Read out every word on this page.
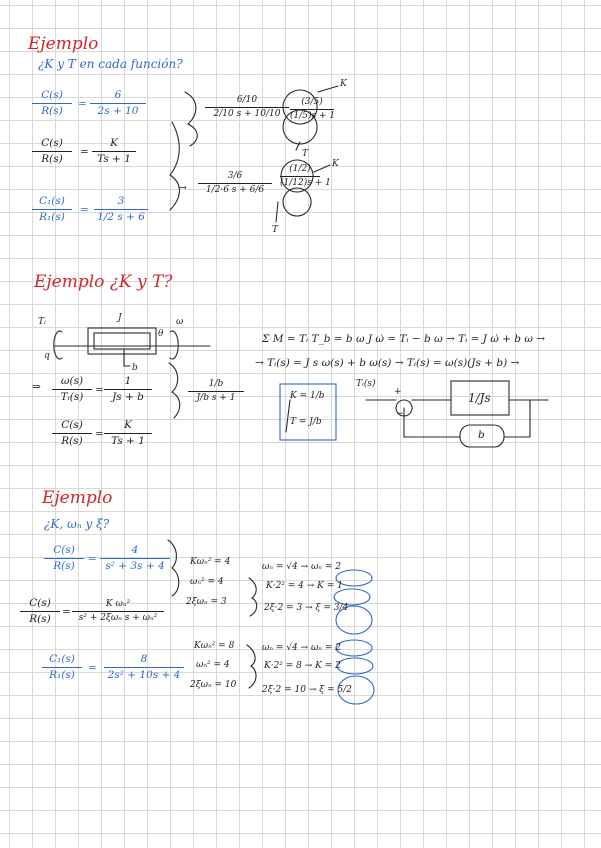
Ejemplo
¿K y T en cada función?
C(s)
R(s)
=
6
2s + 10
6/10
2/10 s + 10/10
(3/5)
(1/5)s + 1
K
T
C(s)
R(s)
=
K
Ts + 1
C₁(s)
R₁(s)
=
3
1/2 s + 6
→
3/6
1/2·6 s + 6/6
(1/2)
(1/12)s + 1
K
T
Ejemplo ¿K y T?
Tᵢ	J	ω
θ
q
b
Σ M = Tᵢ T_b = b ω J ω̇ = Tᵢ − b ω → Tᵢ = J ω̇ + b ω →
→ Tᵢ(s) = J s ω(s) + b ω(s) → Tᵢ(s) = ω(s)(Js + b) →
⇒	ω(s)
Tᵢ(s)
=
1
Js + b
1/b
J/b s + 1
C(s)
R(s)
=
K
Ts + 1
K = 1/b
T = J/b
Tᵢ(s)
−
+	1/Js
b
Ejemplo
¿K, ωₙ y ξ?
C(s)
R(s)
=
4
s² + 3s + 4	Kωₙ² = 4
ωₙ² = 4
2ξωₙ = 3
ωₙ = √4 → ωₙ = 2
K·2² = 4 → K = 1
2ξ·2 = 3 → ξ = 3/4
C(s)
R(s)
=
K ωₙ²
s² + 2ξωₙ s + ωₙ²
C₁(s)
R₁(s)
=
8
2s² + 10s + 4
Kωₙ² = 8
ωₙ² = 4
2ξωₙ = 10
ωₙ = √4 → ωₙ = 2
K·2² = 8 → K = 2
2ξ·2 = 10 → ξ = 5/2
